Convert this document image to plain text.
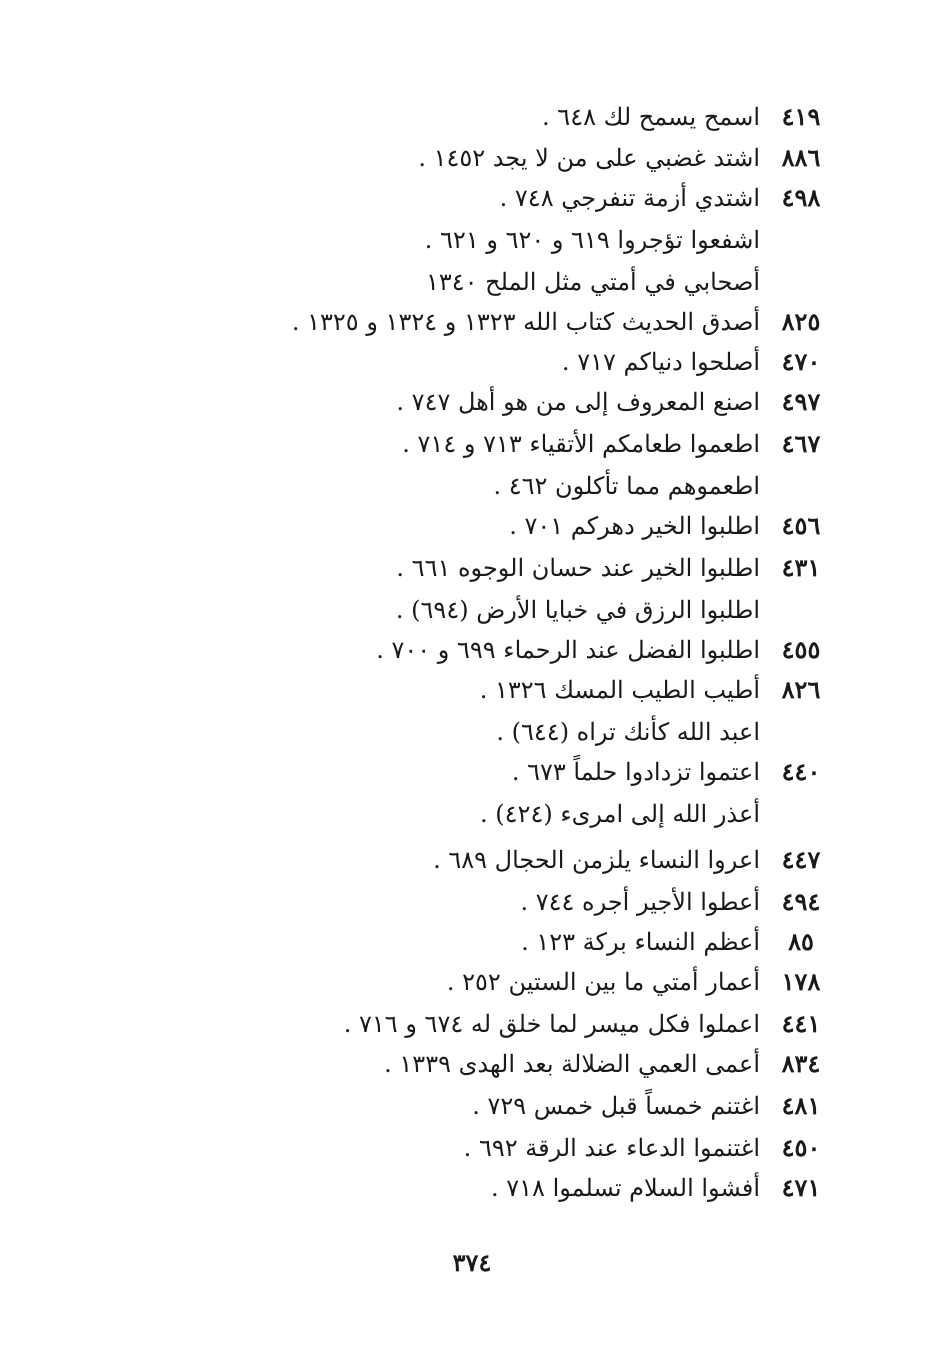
٤١٩
اسمح يسمح لك ٦٤٨ .
٨٨٦
اشتد غضبي على من لا يجد ١٤٥٢ .
٤٩٨
اشتدي أزمة تنفرجي ٧٤٨ .
اشفعوا تؤجروا ٦١٩ و ٦٢٠ و ٦٢١ .
أصحابي في أمتي مثل الملح ١٣٤٠
٨٢٥
أصدق الحديث كتاب الله ١٣٢٣ و ١٣٢٤ و ١٣٢٥ .
٤٧٠
أصلحوا دنياكم ٧١٧ .
٤٩٧
اصنع المعروف إلى من هو أهل ٧٤٧ .
٤٦٧
اطعموا طعامكم الأتقياء ٧١٣ و ٧١٤ .
اطعموهم مما تأكلون ٤٦٢ .
٤٥٦
اطلبوا الخير دهركم ٧٠١ .
٤٣١
اطلبوا الخير عند حسان الوجوه ٦٦١ .
اطلبوا الرزق في خبايا الأرض (٦٩٤) .
٤٥٥
اطلبوا الفضل عند الرحماء ٦٩٩ و ٧٠٠ .
٨٢٦
أطيب الطيب المسك ١٣٢٦ .
اعبد الله كأنك تراه (٦٤٤) .
٤٤٠
اعتموا تزدادوا حلماً ٦٧٣ .
أعذر الله إلى امرىء (٤٢٤) .
٤٤٧
اعروا النساء يلزمن الحجال ٦٨٩ .
٤٩٤
أعطوا الأجير أجره ٧٤٤ .
٨٥
أعظم النساء بركة ١٢٣ .
١٧٨
أعمار أمتي ما بين الستين ٢٥٢ .
٤٤١
اعملوا فكل ميسر لما خلق له ٦٧٤ و ٧١٦ .
٨٣٤
أعمى العمي الضلالة بعد الهدى ١٣٣٩ .
٤٨١
اغتنم خمساً قبل خمس ٧٢٩ .
٤٥٠
اغتنموا الدعاء عند الرقة ٦٩٢ .
٤٧١
أفشوا السلام تسلموا ٧١٨ .
٣٧٤
